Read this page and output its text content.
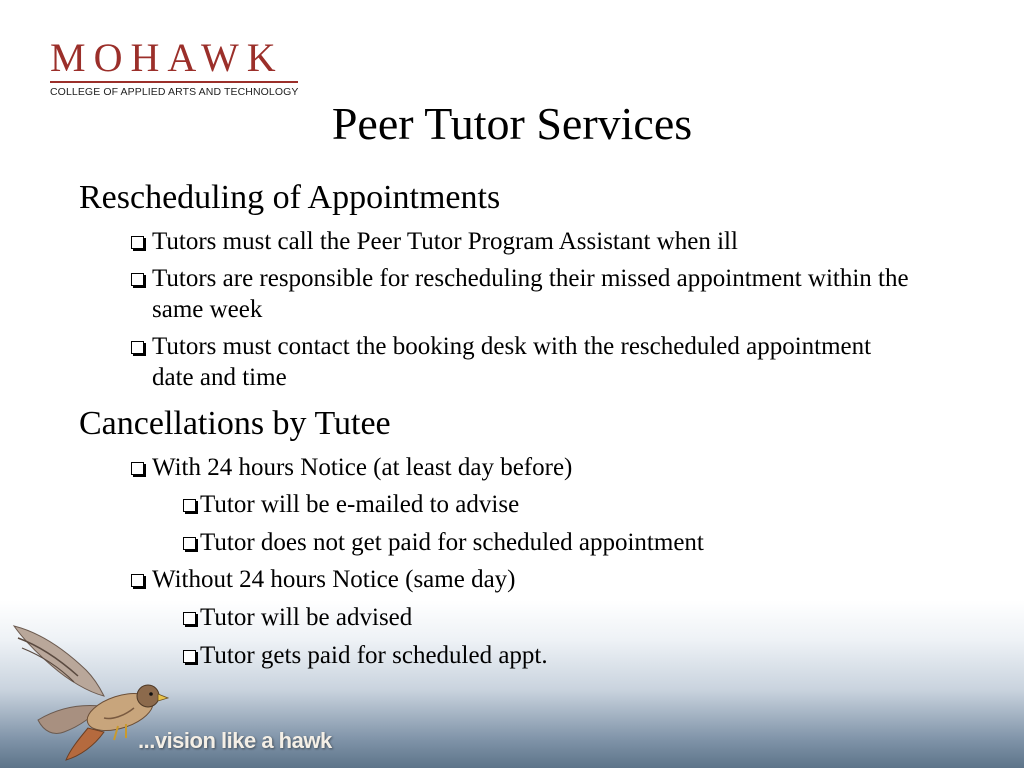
MOHAWK
COLLEGE OF APPLIED ARTS AND TECHNOLOGY
Peer Tutor Services
Rescheduling of Appointments
Tutors must call the Peer Tutor Program Assistant when ill
Tutors are responsible for rescheduling their missed appointment within the same week
Tutors must contact the booking desk with the rescheduled appointment date and time
Cancellations by Tutee
With 24 hours Notice (at least day before)
Tutor will be e-mailed to advise
Tutor does not get paid for scheduled appointment
Without 24 hours Notice (same day)
Tutor will be advised
Tutor gets paid for scheduled appt.
...vision like a hawk
